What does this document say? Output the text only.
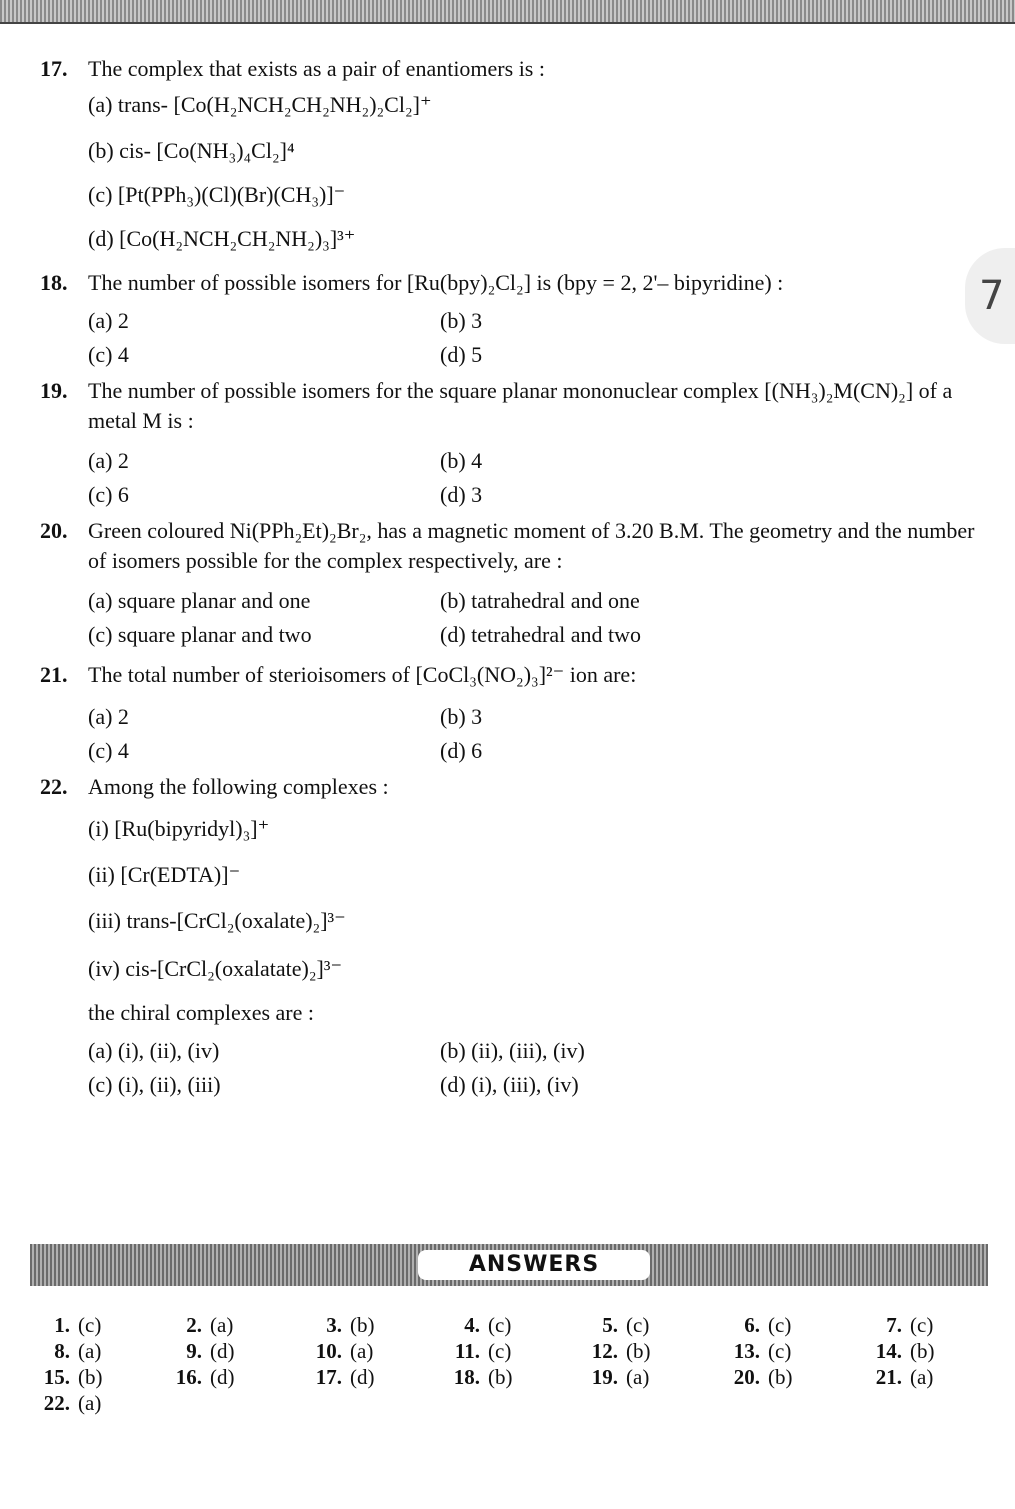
7
17. The complex that exists as a pair of enantiomers is :
(a) trans- [Co(H₂NCH₂CH₂NH₂)₂Cl₂]⁺
(b) cis- [Co(NH₃)₄Cl₂]⁴
(c) [Pt(PPh₃)(Cl)(Br)(CH₃)]⁻
(d) [Co(H₂NCH₂CH₂NH₂)₃]³⁺
18. The number of possible isomers for [Ru(bpy)₂Cl₂] is (bpy = 2, 2'– bipyridine) :
(a) 2	(b) 3
(c) 4	(d) 5
19. The number of possible isomers for the square planar mononuclear complex [(NH₃)₂M(CN)₂] of a metal M is :
(a) 2	(b) 4
(c) 6	(d) 3
20. Green coloured Ni(PPh₂Et)₂Br₂, has a magnetic moment of 3.20 B.M. The geometry and the number of isomers possible for the complex respectively, are :
(a) square planar and one	(b) tatrahedral and one
(c) square planar and two	(d) tetrahedral and two
21. The total number of sterioisomers of [CoCl₃(NO₂)₃]²⁻ ion are:
(a) 2	(b) 3
(c) 4	(d) 6
22. Among the following complexes :
(i) [Ru(bipyridyl)₃]⁺
(ii) [Cr(EDTA)]⁻
(iii) trans-[CrCl₂(oxalate)₂]³⁻
(iv) cis-[CrCl₂(oxalatate)₂]³⁻
the chiral complexes are :
(a) (i), (ii), (iv)	(b) (ii), (iii), (iv)
(c) (i), (ii), (iii)	(d) (i), (iii), (iv)
ANSWERS
1. (c)	2. (a)	3. (b)	4. (c)	5. (c)	6. (c)	7. (c)
8. (a)	9. (d)	10. (a)	11. (c)	12. (b)	13. (c)	14. (b)
15. (b)	16. (d)	17. (d)	18. (b)	19. (a)	20. (b)	21. (a)
22. (a)
